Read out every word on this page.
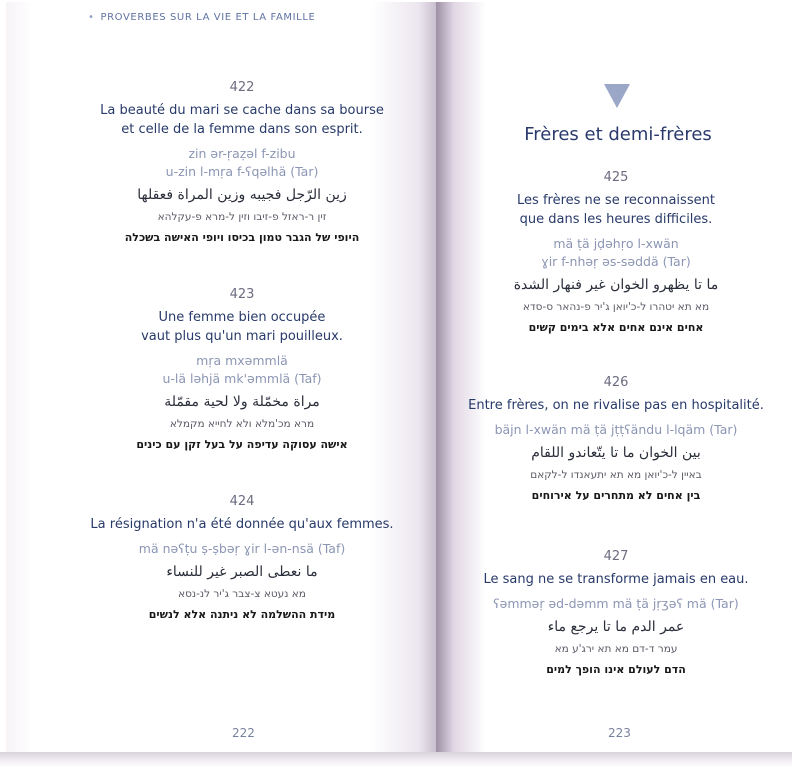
• PROVERBES SUR LA VIE ET LA FAMILLE
422
La beauté du mari se cache dans sa bourse
et celle de la femme dans son esprit.
zin ər-ṛaẓəl f-zibu
u-zin l-mṛa f-ʕqəlhä (Tar)
زين الرّجل فجيبه وزين المراة فعقلها
זין ר-ראזל פ-זיבו וזין ל-מרא פ-עקלהא
היופי של הגבר טמון בכיסו ויופי האישה בשכלה
423
Une femme bien occupée
vaut plus qu'un mari pouilleux.
mṛa mxəmmlä
u-lä ləhjä mk'əmmlä (Taf)
مراة مخمّلة ولا لحية مقمّلة
מרא מכ'מלא ולא לחייא מקמלא
אישה עסוקה עדיפה על בעל זקן עם כינים
424
La résignation n'a été donnée qu'aux femmes.
mä nəʕṭu ṣ-ṣbəṛ ɣir l-ən-nsä (Taf)
ما نعطى الصبر غير للنساء
מא נעטא צ-צבר ג'יר לנ-נסא
מידת ההשלמה לא ניתנה אלא לנשים
222
Frères et demi-frères
425
Les frères ne se reconnaissent
que dans les heures difficiles.
mä ṭä jḍəhṛo l-xwän
ɣir f-nhəṛ əs-səddä (Tar)
ما تا يظهرو الخوان غير فنهار الشدة
מא תא יטהרו ל-כ'יואן ג'יר פ-נהאר ס-סדא
אחים אינם אחים אלא בימים קשים
426
Entre frères, on ne rivalise pas en hospitalité.
bäjn l-xwän mä ṭä jṭṭʕändu l-lqäm (Tar)
بين الخوان ما تا يتّعاندو اللقام
באיין ל-כ'יואן מא תא יתעאנדו ל-לקאם
בין אחים לא מתחרים על אירוחים
427
Le sang ne se transforme jamais en eau.
ʕəmməṛ əd-dəmm mä ṭä jṛʒəʕ mä (Tar)
عمر الدم ما تا يرجع ماء
עמר ד-דם מא תא ירג'ע מא
הדם לעולם אינו הופך למים
223
